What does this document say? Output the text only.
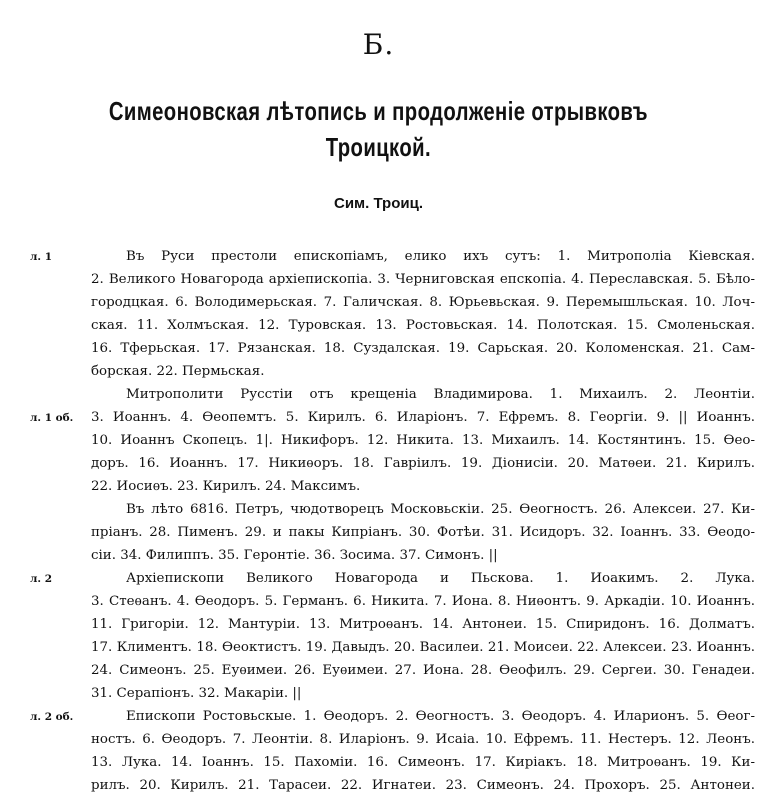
Б.
Симеоновская лѣтопись и продолженіе отрывковъ
Троицкой.
Сим. Троиц.
л. 1
л. 1 об.
л. 2
л. 2 об.
Въ Руси престоли епископiамъ, елико ихъ сутъ: 1. Митрополiа Кiевская.
2. Великого Новагорода архiепископiа. 3. Черниговская епскопiа. 4. Переславская. 5. Бѣло-
городцкая. 6. Володимерьская. 7. Галичская. 8. Юрьевьская. 9. Перемышльская. 10. Лоч-
ская. 11. Холмъская. 12. Туровская. 13. Ростовьская. 14. Полотская. 15. Смоленьская.
16. Тферьская. 17. Рязанская. 18. Суздалская. 19. Сарьская. 20. Коломенская. 21. Сам-
борская. 22. Пермьская.
Митрополити Русстiи отъ крещенiа Владимирова. 1. Михаилъ. 2. Леонтiи.
3. Иоаннъ. 4. Ѳеопемтъ. 5. Кирилъ. 6. Иларiонъ. 7. Ефремъ. 8. Георгiи. 9. || Иоаннъ.
10. Иоаннъ Скопецъ. 1|. Никифоръ. 12. Никита. 13. Михаилъ. 14. Костянтинъ. 15. Ѳео-
доръ. 16. Иоаннъ. 17. Никиѳоръ. 18. Гаврiилъ. 19. Дiонисiи. 20. Матѳеи. 21. Кирилъ.
22. Иосиѳъ. 23. Кирилъ. 24. Максимъ.
Въ лѣто 6816. Петръ, чюдотворецъ Московьскiи. 25. Ѳеогностъ. 26. Алексеи. 27. Ки-
прiанъ. 28. Пименъ. 29. и пакы Кипрiанъ. 30. Фотѣи. 31. Исидоръ. 32. Iоаннъ. 33. Ѳеодо-
сiи. 34. Филиппъ. 35. Геронтiе. 36. Зосима. 37. Симонъ. ||
Архiепископи Великого Новагорода и Пьскова. 1. Иоакимъ. 2. Лука.
3. Стеѳанъ. 4. Ѳеодоръ. 5. Германъ. 6. Никита. 7. Иона. 8. Ниѳонтъ. 9. Аркадiи. 10. Иоаннъ.
11. Григорiи. 12. Мантурiи. 13. Митроѳанъ. 14. Антонеи. 15. Спиридонъ. 16. Долматъ.
17. Климентъ. 18. Ѳеоктистъ. 19. Давыдъ. 20. Василеи. 21. Моисеи. 22. Алексеи. 23. Иоаннъ.
24. Симеонъ. 25. Еуѳимеи. 26. Еуѳимеи. 27. Иона. 28. Ѳеофилъ. 29. Сергеи. 30. Генадеи.
31. Серапiонъ. 32. Макарiи. ||
Епископи Ростовьскые. 1. Ѳеодоръ. 2. Ѳеогностъ. 3. Ѳеодоръ. 4. Иларионъ. 5. Ѳеог-
ностъ. 6. Ѳеодоръ. 7. Леонтiи. 8. Иларiонъ. 9. Исаiа. 10. Ефремъ. 11. Нестеръ. 12. Леонъ.
13. Лука. 14. Iоаннъ. 15. Пахомiи. 16. Симеонъ. 17. Кирiакъ. 18. Митроѳанъ. 19. Ки-
рилъ. 20. Кирилъ. 21. Тарасеи. 22. Игнатеи. 23. Симеонъ. 24. Прохоръ. 25. Антонеи.
